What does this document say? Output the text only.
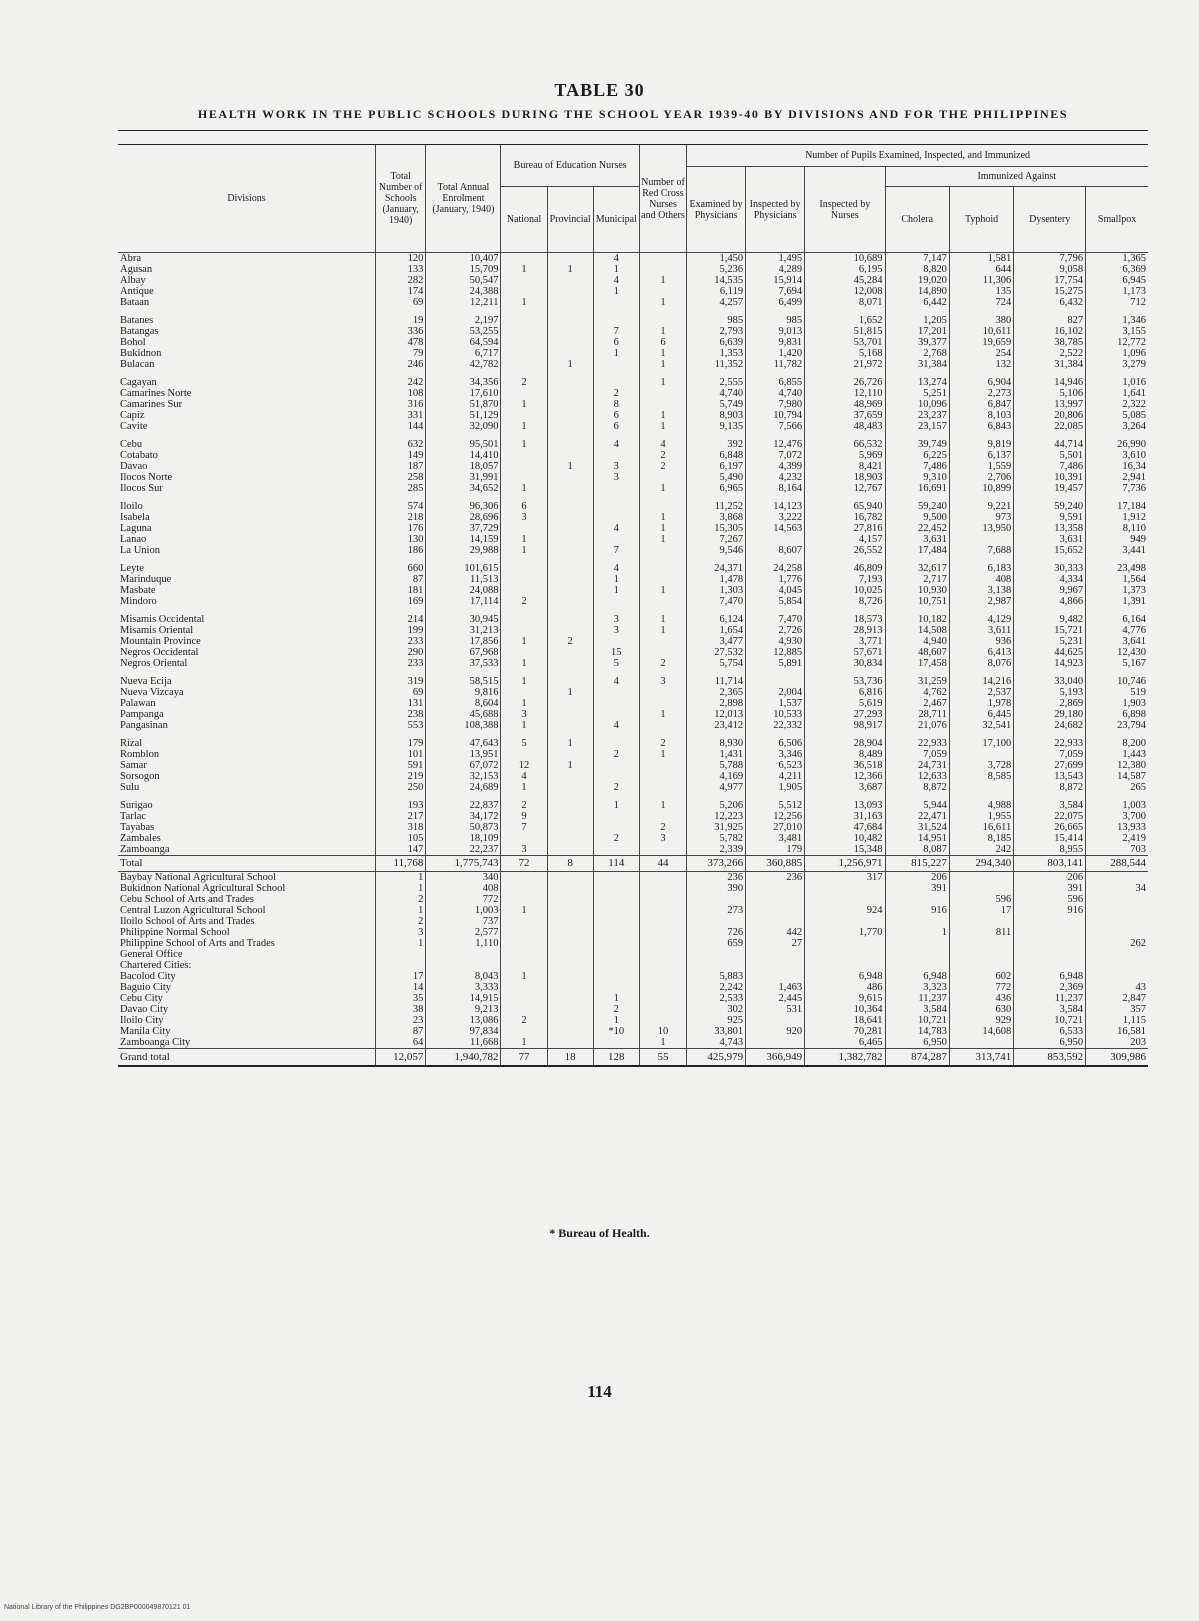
TABLE 30
HEALTH WORK IN THE PUBLIC SCHOOLS DURING THE SCHOOL YEAR 1939-40 BY DIVISIONS AND FOR THE PHILIPPINES
Divisions	Total Number of Schools (January, 1940)	Total Annual Enrolment (January, 1940)	Bureau of Education Nurses			Number of Red Cross Nurses and Others	Number of Pupils Examined, Inspected, and Immunized						
							Examined by Physicians	Inspected by Physicians	Inspected by Nurses	Immunized Against			
			National	Provincial	Municipal					Cholera	Typhoid	Dysentery	Smallpox
Abra	120	10,407			4		1,450	1,495	10,689	7,147	1,581	7,796	1,365
Agusan	133	15,709	1	1	1		5,236	4,289	6,195	8,820	644	9,058	6,369
Albay	282	50,547			4	1	14,535	15,914	45,284	19,020	11,306	17,754	6,945
Antique	174	24,388			1		6,119	7,694	12,008	14,890	135	15,275	1,173
Bataan	69	12,211	1			1	4,257	6,499	8,071	6,442	724	6,432	712

Batanes	19	2,197					985	985	1,652	1,205	380	827	1,346
Batangas	336	53,255			7	1	2,793	9,013	51,815	17,201	10,611	16,102	3,155
Bohol	478	64,594			6	6	6,639	9,831	53,701	39,377	19,659	38,785	12,772
Bukidnon	79	6,717			1	1	1,353	1,420	5,168	2,768	254	2,522	1,096
Bulacan	246	42,782		1		1	11,352	11,782	21,972	31,384	132	31,384	3,279

Cagayan	242	34,356	2			1	2,555	6,855	26,726	13,274	6,904	14,946	1,016
Camarines Norte	108	17,610			2		4,740	4,740	12,110	5,251	2,273	5,106	1,641
Camarines Sur	316	51,870	1		8		5,749	7,980	48,969	10,096	6,847	13,997	2,322
Capiz	331	51,129			6	1	8,903	10,794	37,659	23,237	8,103	20,806	5,085
Cavite	144	32,090	1		6	1	9,135	7,566	48,483	23,157	6,843	22,085	3,264

Cebu	632	95,501	1		4	4	392	12,476	66,532	39,749	9,819	44,714	26,990
Cotabato	149	14,410				2	6,848	7,072	5,969	6,225	6,137	5,501	3,610
Davao	187	18,057		1	3	2	6,197	4,399	8,421	7,486	1,559	7,486	16,34
Ilocos Norte	258	31,991			3		5,490	4,232	18,903	9,310	2,706	10,391	2,941
Ilocos Sur	285	34,652	1			1	6,965	8,164	12,767	16,691	10,899	19,457	7,736

Iloilo	574	96,306	6				11,252	14,123	65,940	59,240	9,221	59,240	17,184
Isabela	218	28,696	3			1	3,868	3,222	16,782	9,500	973	9,591	1,912
Laguna	176	37,729			4	1	15,305	14,563	27,816	22,452	13,950	13,358	8,110
Lanao	130	14,159	1			1	7,267		4,157	3,631		3,631	949
La Union	186	29,988	1		7		9,546	8,607	26,552	17,484	7,688	15,652	3,441

Leyte	660	101,615			4		24,371	24,258	46,809	32,617	6,183	30,333	23,498
Marinduque	87	11,513			1		1,478	1,776	7,193	2,717	408	4,334	1,564
Masbate	181	24,088			1	1	1,303	4,045	10,025	10,930	3,138	9,967	1,373
Mindoro	169	17,114	2				7,470	5,854	8,726	10,751	2,987	4,866	1,391

Misamis Occidental	214	30,945			3	1	6,124	7,470	18,573	10,182	4,129	9,482	6,164
Misamis Oriental	199	31,213			3	1	1,654	2,726	28,913	14,508	3,611	15,721	4,776
Mountain Province	233	17,856	1	2			3,477	4,930	3,771	4,940	936	5,231	3,641
Negros Occidental	290	67,968			15		27,532	12,885	57,671	48,607	6,413	44,625	12,430
Negros Oriental	233	37,533	1		5	2	5,754	5,891	30,834	17,458	8,076	14,923	5,167

Nueva Ecija	319	58,515	1		4	3	11,714		53,736	31,259	14,216	33,040	10,746
Nueva Vizcaya	69	9,816		1			2,365	2,004	6,816	4,762	2,537	5,193	519
Palawan	131	8,604	1				2,898	1,537	5,619	2,467	1,978	2,869	1,903
Pampanga	238	45,688	3			1	12,013	10,533	27,293	28,711	6,445	29,180	6,898
Pangasinan	553	108,388	1		4		23,412	22,332	98,917	21,076	32,541	24,682	23,794

Rizal	179	47,643	5	1		2	8,930	6,506	28,904	22,933	17,100	22,933	8,200
Romblon	101	13,951			2	1	1,431	3,346	8,489	7,059		7,059	1,443
Samar	591	67,072	12	1			5,788	6,523	36,518	24,731	3,728	27,699	12,380
Sorsogon	219	32,153	4				4,169	4,211	12,366	12,633	8,585	13,543	14,587
Sulu	250	24,689	1		2		4,977	1,905	3,687	8,872		8,872	265

Surigao	193	22,837	2		1	1	5,206	5,512	13,093	5,944	4,988	3,584	1,003
Tarlac	217	34,172	9				12,223	12,256	31,163	22,471	1,955	22,075	3,700
Tayabas	318	50,873	7			2	31,925	27,010	47,684	31,524	16,611	26,665	13,933
Zambales	105	18,109			2	3	5,782	3,481	10,482	14,951	8,185	15,414	2,419
Zamboanga	147	22,237	3				2,339	179	15,348	8,087	242	8,955	703
Total	11,768	1,775,743	72	8	114	44	373,266	360,885	1,256,971	815,227	294,340	803,141	288,544
Baybay National Agricultural School	1	340					236	236	317	206		206	
Bukidnon National Agricultural School	1	408					390			391		391	34
Cebu School of Arts and Trades	2	772									596	596	
Central Luzon Agricultural School	1	1,003	1				273		924	916	17	916	
Iloilo School of Arts and Trades	2	737											
Philippine Normal School	3	2,577					726	442	1,770	1	811		
Philippine School of Arts and Trades	1	1,110					659	27					262
General Office													
Chartered Cities:													
Bacolod City	17	8,043	1				5,883		6,948	6,948	602	6,948	
Baguio City	14	3,333					2,242	1,463	486	3,323	772	2,369	43
Cebu City	35	14,915			1		2,533	2,445	9,615	11,237	436	11,237	2,847
Davao City	38	9,213			2		302	531	10,364	3,584	630	3,584	357
Iloilo City	23	13,086	2		1		925		18,641	10,721	929	10,721	1,115
Manila City	87	97,834			*10	10	33,801	920	70,281	14,783	14,608	6,533	16,581
Zamboanga City	64	11,668	1			1	4,743		6,465	6,950		6,950	203
Grand total	12,057	1,940,782	77	18	128	55	425,979	366,949	1,382,782	874,287	313,741	853,592	309,986
* Bureau of Health.
114
National Library of the Philippines DG2BP000049870121 01
